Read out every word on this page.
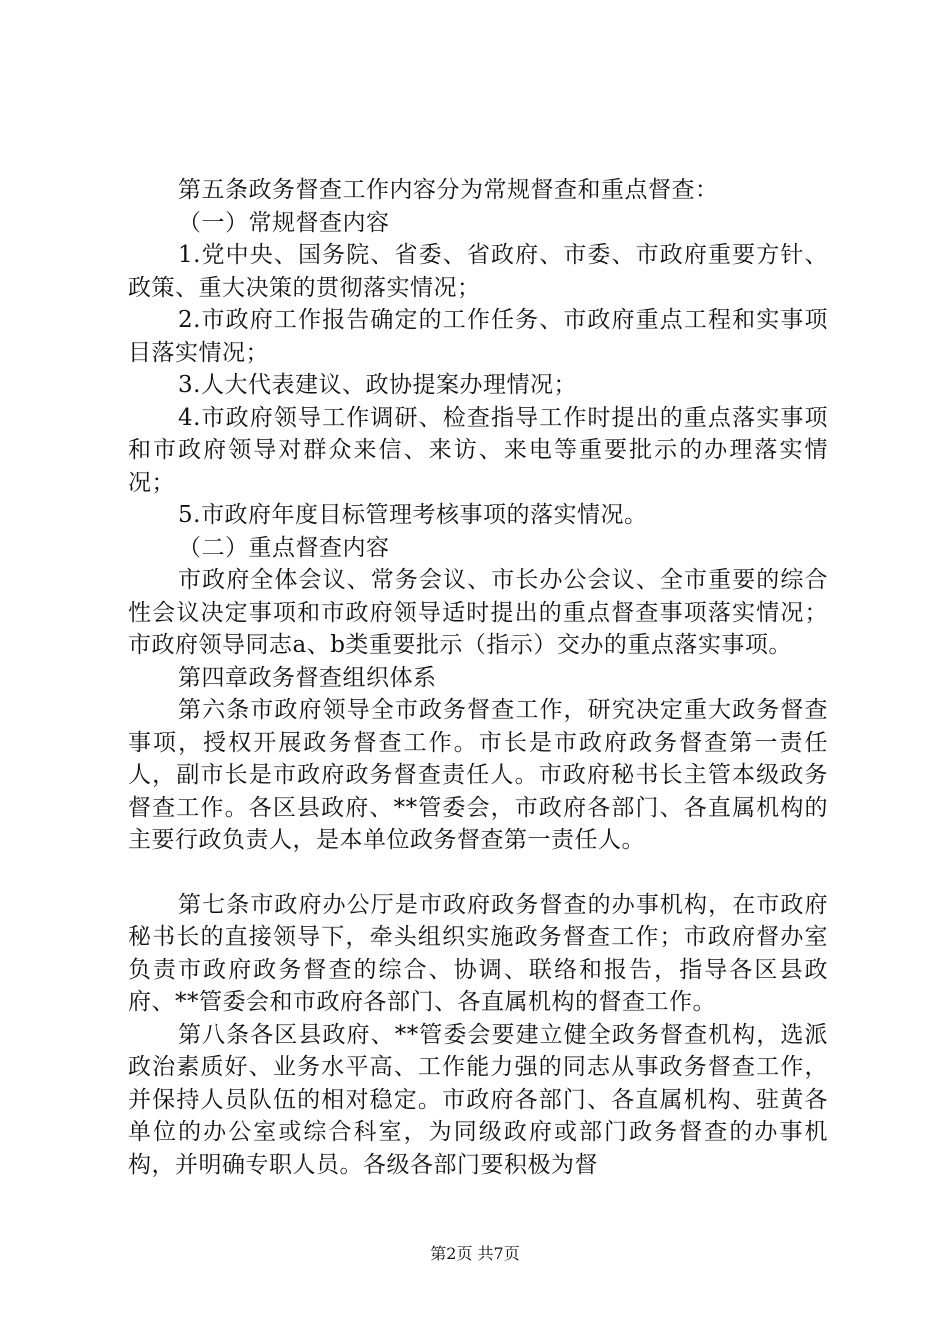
第五条政务督查工作内容分为常规督查和重点督查：

（一）常规督查内容

1.党中央、国务院、省委、省政府、市委、市政府重要方针、政策、重大决策的贯彻落实情况；

2.市政府工作报告确定的工作任务、市政府重点工程和实事项目落实情况；

3.人大代表建议、政协提案办理情况；

4.市政府领导工作调研、检查指导工作时提出的重点落实事项和市政府领导对群众来信、来访、来电等重要批示的办理落实情况；

5.市政府年度目标管理考核事项的落实情况。

（二）重点督查内容

市政府全体会议、常务会议、市长办公会议、全市重要的综合性会议决定事项和市政府领导适时提出的重点督查事项落实情况；市政府领导同志a、b类重要批示（指示）交办的重点落实事项。

第四章政务督查组织体系

第六条市政府领导全市政务督查工作，研究决定重大政务督查事项，授权开展政务督查工作。市长是市政府政务督查第一责任人，副市长是市政府政务督查责任人。市政府秘书长主管本级政务督查工作。各区县政府、**管委会，市政府各部门、各直属机构的主要行政负责人，是本单位政务督查第一责任人。

第七条市政府办公厅是市政府政务督查的办事机构，在市政府秘书长的直接领导下，牵头组织实施政务督查工作；市政府督办室负责市政府政务督查的综合、协调、联络和报告，指导各区县政府、**管委会和市政府各部门、各直属机构的督查工作。

第八条各区县政府、**管委会要建立健全政务督查机构，选派政治素质好、业务水平高、工作能力强的同志从事政务督查工作，并保持人员队伍的相对稳定。市政府各部门、各直属机构、驻黄各单位的办公室或综合科室，为同级政府或部门政务督查的办事机构，并明确专职人员。各级各部门要积极为督

第2页 共7页
